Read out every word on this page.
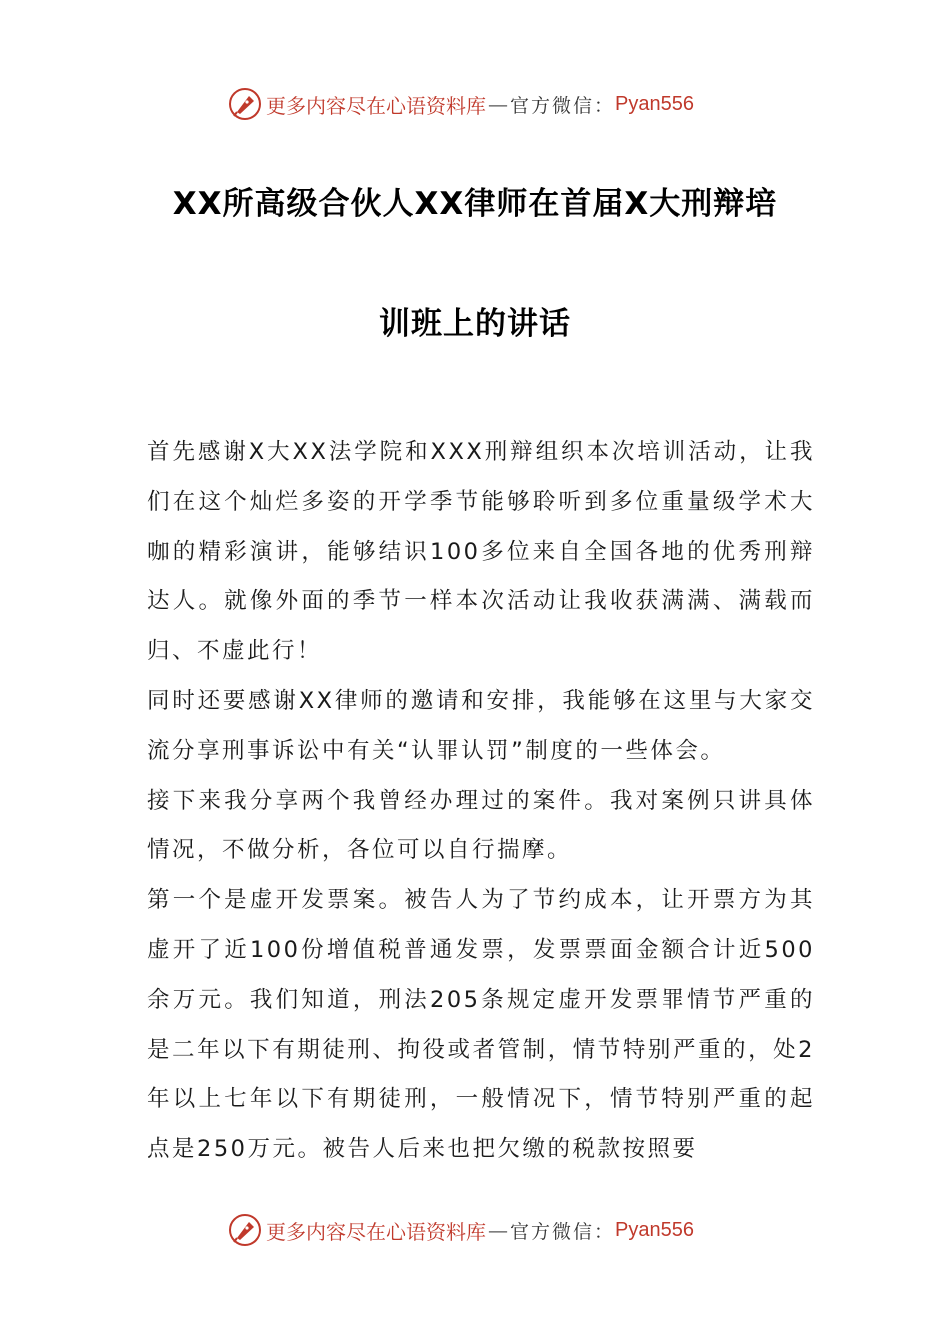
更多内容尽在心语资料库 — 官方微信： Pyan556
XX所高级合伙人XX律师在首届X大刑辩培
训班上的讲话

首先感谢X大XX法学院和XXX刑辩组织本次培训活动，让我们在这个灿烂多姿的开学季节能够聆听到多位重量级学术大咖的精彩演讲，能够结识100多位来自全国各地的优秀刑辩达人。就像外面的季节一样本次活动让我收获满满、满载而归、不虚此行！

同时还要感谢XX律师的邀请和安排，我能够在这里与大家交流分享刑事诉讼中有关“认罪认罚”制度的一些体会。

接下来我分享两个我曾经办理过的案件。我对案例只讲具体情况，不做分析，各位可以自行揣摩。

第一个是虚开发票案。被告人为了节约成本，让开票方为其虚开了近100份增值税普通发票，发票票面金额合计近500余万元。我们知道，刑法205条规定虚开发票罪情节严重的是二年以下有期徒刑、拘役或者管制，情节特别严重的，处2年以上七年以下有期徒刑，一般情况下，情节特别严重的起点是250万元。被告人后来也把欠缴的税款按照要

更多内容尽在心语资料库 — 官方微信： Pyan556
